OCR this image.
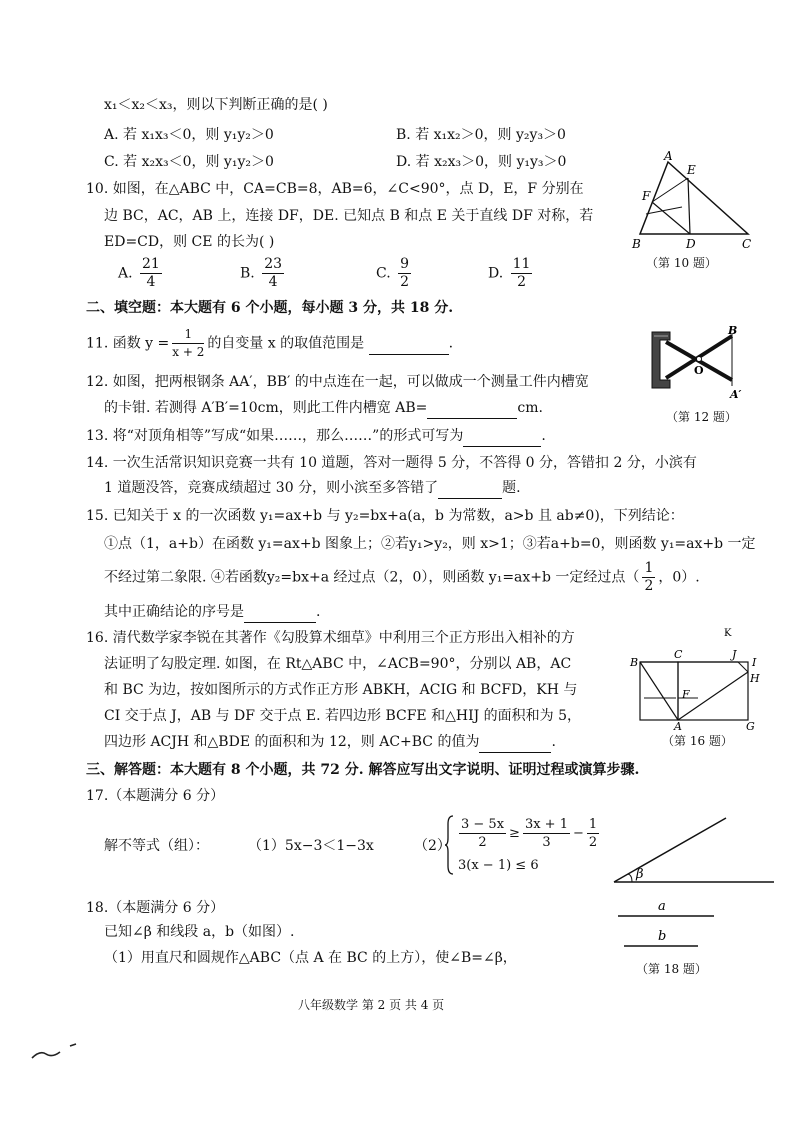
x₁＜x₂＜x₃，则以下判断正确的是( )
A. 若 x₁x₃＜0，则 y₁y₂＞0	B. 若 x₁x₂＞0，则 y₂y₃＞0
C. 若 x₂x₃＜0，则 y₁y₂＞0	D. 若 x₂x₃＞0，则 y₁y₃＞0
10. 如图，在△ABC 中，CA=CB=8，AB=6，∠C<90°，点 D，E，F 分别在
边 BC，AC，AB 上，连接 DF，DE. 已知点 B 和点 E 关于直线 DF 对称，若
ED=CD，则 CE 的长为( )
A. $\frac{21}{4}$	B. $\frac{23}{4}$	C. $\frac{9}{2}$	D. $\frac{11}{2}$
A
B	C
D
E
F
（第 10 题）
二、填空题：本大题有 6 个小题，每小题 3 分，共 18 分.
11. 函数 $y = \frac{1}{x + 2}$ 的自变量 x 的取值范围是	.
12. 如图，把两根钢条 AA′，BB′ 的中点连在一起，可以做成一个测量工件内槽宽
的卡钳. 若测得 A′B′=10cm，则此工件内槽宽 AB=	cm.
B
O
A′
（第 12 题）
13. 将“对顶角相等”写成“如果……，那么……”的形式可写为	.
14. 一次生活常识知识竞赛一共有 10 道题，答对一题得 5 分，不答得 0 分，答错扣 2 分，小滨有
1 道题没答，竞赛成绩超过 30 分，则小滨至多答错了	题.
15. 已知关于 x 的一次函数 y₁=ax+b 与 y₂=bx+a(a，b 为常数，a>b 且 ab≠0)，下列结论：
①点（1，a+b）在函数 y₁=ax+b 图象上；②若y₁>y₂，则 x>1；③若a+b=0，则函数 y₁=ax+b 一定
不经过第二象限. ④若函数y₂=bx+a 经过点（2，0），则函数 y₁=ax+b 一定经过点（ $\frac{1}{2}$ ，0）.
其中正确结论的序号是	.
16. 清代数学家李锐在其著作《勾股算术细草》中利用三个正方形出入相补的方
法证明了勾股定理. 如图，在 Rt△ABC 中，∠ACB=90°，分别以 AB，AC
和 BC 为边，按如图所示的方式作正方形 ABKH，ACIG 和 BCFD，KH 与
CI 交于点 J，AB 与 DF 交于点 E. 若四边形 BCFE 和△HIJ 的面积和为 5，
四边形 ACJH 和△BDE 的面积和为 12，则 AC+BC 的值为	.
K
B
C	J
I
H
F
A	G
（第 16 题）
三、解答题：本大题有 8 个小题，共 72 分. 解答应写出文字说明、证明过程或演算步骤.
17.（本题满分 6 分）
解不等式（组）：	（1）5x−3＜1−3x	$(2) \frac{3 - 5x}{2} \ge \frac{3x + 1}{3} - \frac{1}{2}$
3(x − 1) ≤ 6
β
18.（本题满分 6 分）
已知∠β 和线段 a，b（如图）.
（1）用直尺和圆规作△ABC（点 A 在 BC 的上方），使∠B=∠β，
a
b
（第 18 题）
八年级数学 第 2 页 共 4 页
